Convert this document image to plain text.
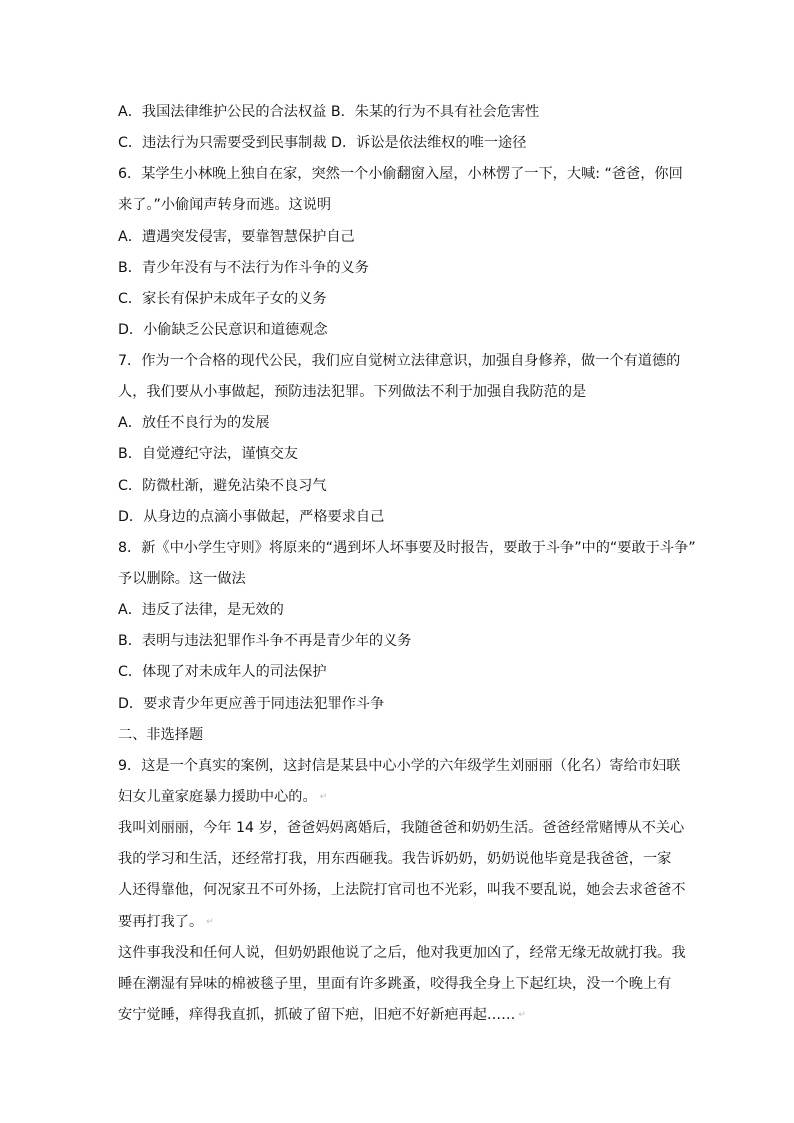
A．我国法律维护公民的合法权益 B．朱某的行为不具有社会危害性

C．违法行为只需要受到民事制裁 D．诉讼是依法维权的唯一途径

6．某学生小林晚上独自在家，突然一个小偷翻窗入屋，小林愣了一下，大喊: “爸爸，你回

来了。”小偷闻声转身而逃。这说明

A．遭遇突发侵害，要靠智慧保护自己

B．青少年没有与不法行为作斗争的义务

C．家长有保护未成年子女的义务

D．小偷缺乏公民意识和道德观念

7．作为一个合格的现代公民，我们应自觉树立法律意识，加强自身修养，做一个有道德的

人，我们要从小事做起，预防违法犯罪。下列做法不利于加强自我防范的是

A．放任不良行为的发展

B．自觉遵纪守法，谨慎交友

C．防微杜渐，避免沾染不良习气

D．从身边的点滴小事做起，严格要求自己

8．新《中小学生守则》将原来的“遇到坏人坏事要及时报告，要敢于斗争”中的“要敢于斗争”

予以删除。这一做法

A．违反了法律，是无效的

B．表明与违法犯罪作斗争不再是青少年的义务

C．体现了对未成年人的司法保护

D．要求青少年更应善于同违法犯罪作斗争

二、非选择题

9．这是一个真实的案例，这封信是某县中心小学的六年级学生刘丽丽（化名）寄给市妇联

妇女儿童家庭暴力援助中心的。 ↵

我叫刘丽丽，今年 14 岁，爸爸妈妈离婚后，我随爸爸和奶奶生活。爸爸经常赌博从不关心

我的学习和生活，还经常打我，用东西砸我。我告诉奶奶，奶奶说他毕竟是我爸爸，一家

人还得靠他，何况家丑不可外扬，上法院打官司也不光彩，叫我不要乱说，她会去求爸爸不

要再打我了。 ↵

这件事我没和任何人说，但奶奶跟他说了之后，他对我更加凶了，经常无缘无故就打我。我

睡在潮湿有异味的棉被毯子里，里面有许多跳蚤，咬得我全身上下起红块，没一个晚上有

安宁觉睡，痒得我直抓，抓破了留下疤，旧疤不好新疤再起…… ↵
